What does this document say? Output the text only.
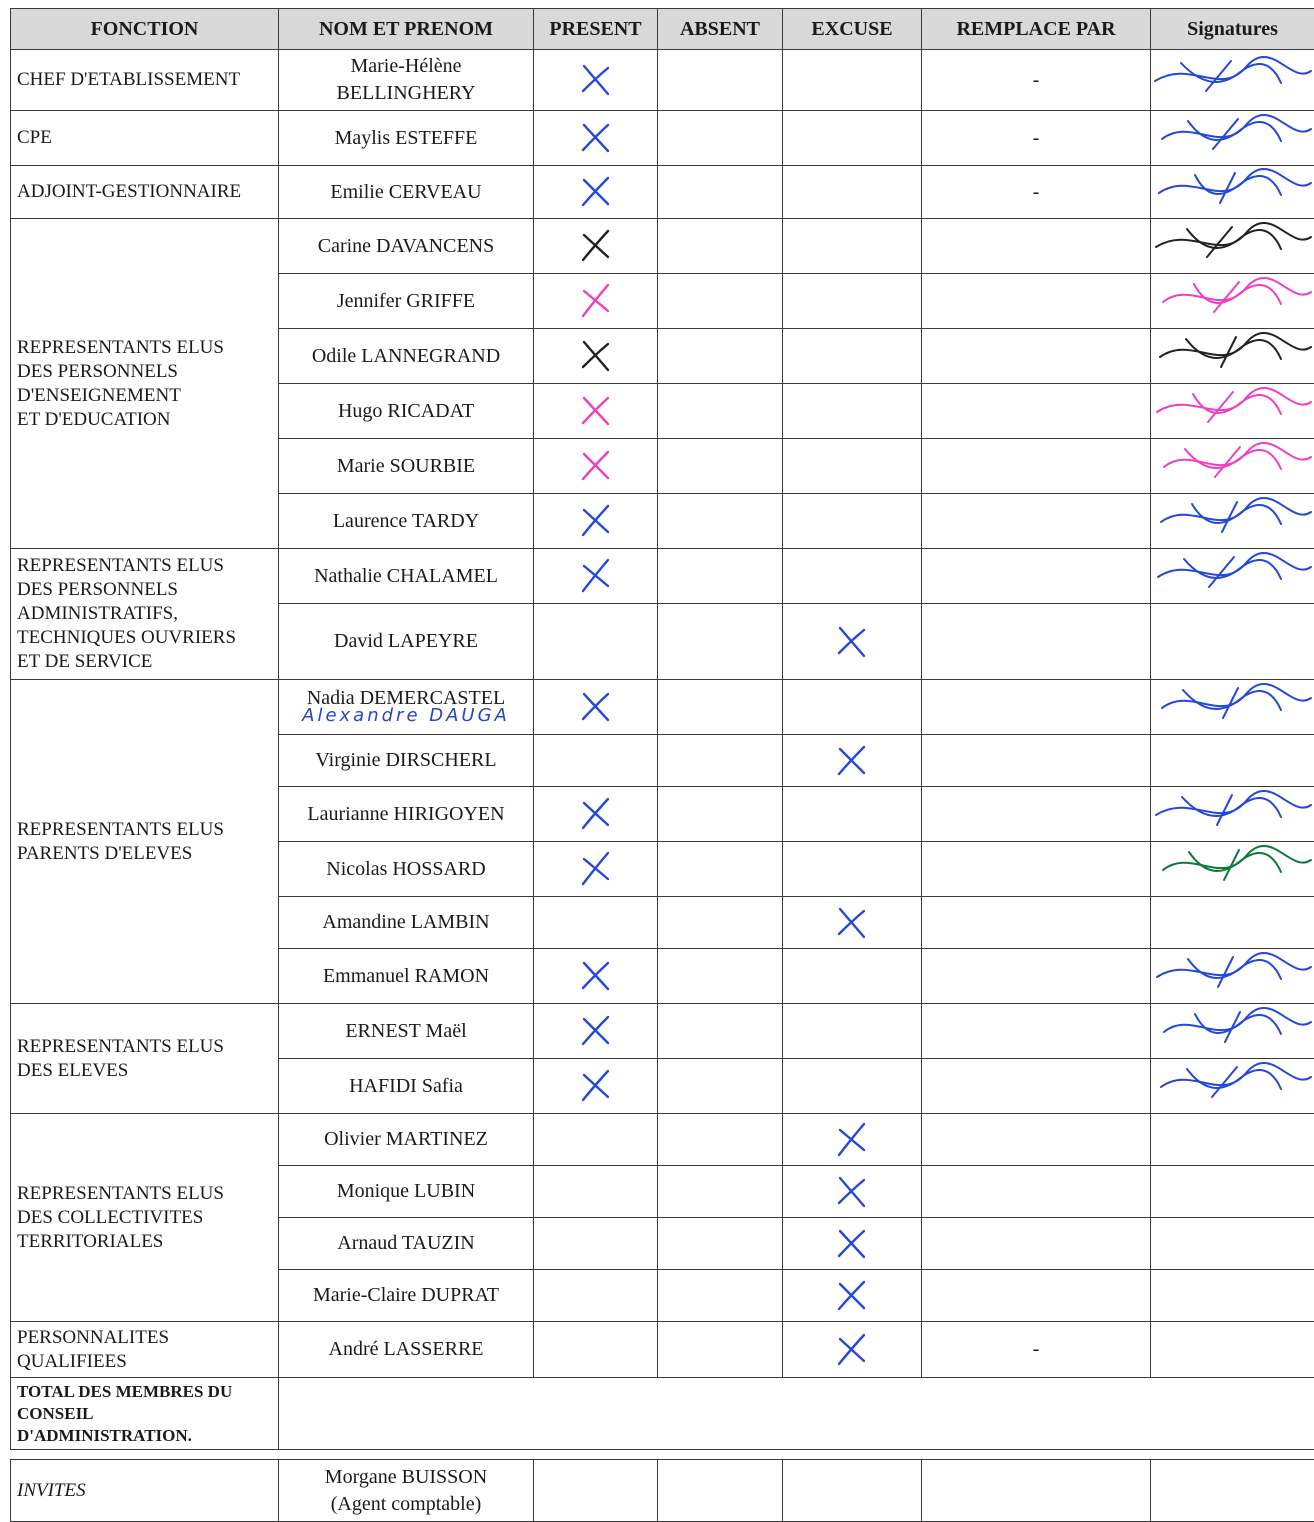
FONCTION	NOM ET PRENOM	PRESENT	ABSENT	EXCUSE	REMPLACE PAR	Signatures
CHEF D'ETABLISSEMENT	Marie-Hélène
BELLINGHERY				-	
CPE	Maylis ESTEFFE				-	
ADJOINT-GESTIONNAIRE	Emilie CERVEAU				-	
REPRESENTANTS ELUS
DES PERSONNELS
D'ENSEIGNEMENT
ET D'EDUCATION	Carine DAVANCENS					
	Jennifer GRIFFE					
	Odile LANNEGRAND					
	Hugo RICADAT					
	Marie SOURBIE					
	Laurence TARDY					
REPRESENTANTS ELUS
DES PERSONNELS
ADMINISTRATIFS,
TECHNIQUES OUVRIERS
ET DE SERVICE	Nathalie CHALAMEL					
	David LAPEYRE					
REPRESENTANTS ELUS
PARENTS D'ELEVES	Nadia DEMERCASTEL
Alexandre DAUGA

	Virginie DIRSCHERL					
	Laurianne HIRIGOYEN					
	Nicolas HOSSARD					
	Amandine LAMBIN					
	Emmanuel RAMON					
REPRESENTANTS ELUS
DES ELEVES	ERNEST Maël					
	HAFIDI Safia					
REPRESENTANTS ELUS
DES COLLECTIVITES
TERRITORIALES	Olivier MARTINEZ					
	Monique LUBIN					
	Arnaud TAUZIN					
	Marie-Claire DUPRAT					
PERSONNALITES
QUALIFIEES	André LASSERRE				-	
TOTAL DES MEMBRES DU
CONSEIL
D'ADMINISTRATION.						

INVITES	Morgane BUISSON
(Agent comptable)					
